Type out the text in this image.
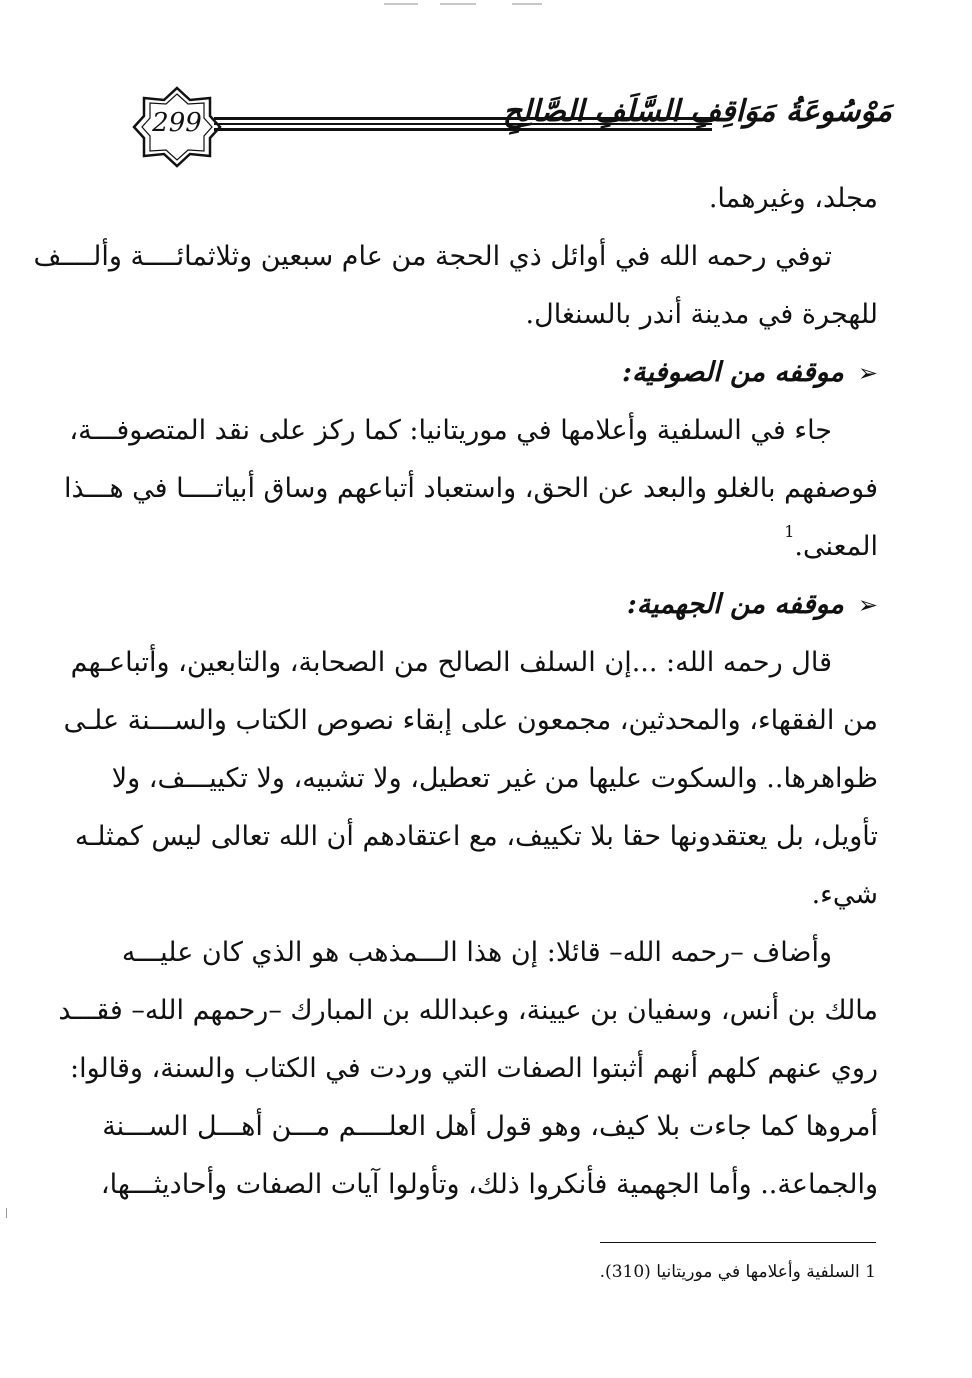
299	مَوْسُوعَةُ مَوَاقِفِ السَّلَفِ الصَّالِحِ
مجلد، وغيرهما.
توفي رحمه الله في أوائل ذي الحجة من عام سبعين وثلاثمائــــة وألــــف
للهجرة في مدينة أندر بالسنغال.
➢موقفه من الصوفية:
جاء في السلفية وأعلامها في موريتانيا: كما ركز على نقد المتصوفـــة،
فوصفهم بالغلو والبعد عن الحق، واستعباد أتباعهم وساق أبياتــــا في هـــذا
المعنى.$^1$
➢موقفه من الجهمية:
قال رحمه الله: ...إن السلف الصالح من الصحابة، والتابعين، وأتباعـهم
من الفقهاء، والمحدثين، مجمعون على إبقاء نصوص الكتاب والســـنة علـى
ظواهرها.. والسكوت عليها من غير تعطيل، ولا تشبيه، ولا تكييـــف، ولا
تأويل، بل يعتقدونها حقا بلا تكييف، مع اعتقادهم أن الله تعالى ليس كمثلـه
شيء.
وأضاف –رحمه الله– قائلا: إن هذا الـــمذهب هو الذي كان عليـــه
مالك بن أنس، وسفيان بن عيينة، وعبدالله بن المبارك –رحمهم الله– فقـــد
روي عنهم كلهم أنهم أثبتوا الصفات التي وردت في الكتاب والسنة، وقالوا:
أمروها كما جاءت بلا كيف، وهو قول أهل العلــــم مـــن أهـــل الســـنة
والجماعة.. وأما الجهمية فأنكروا ذلك، وتأولوا آيات الصفات وأحاديثـــها،
1 السلفية وأعلامها في موريتانيا (310).
